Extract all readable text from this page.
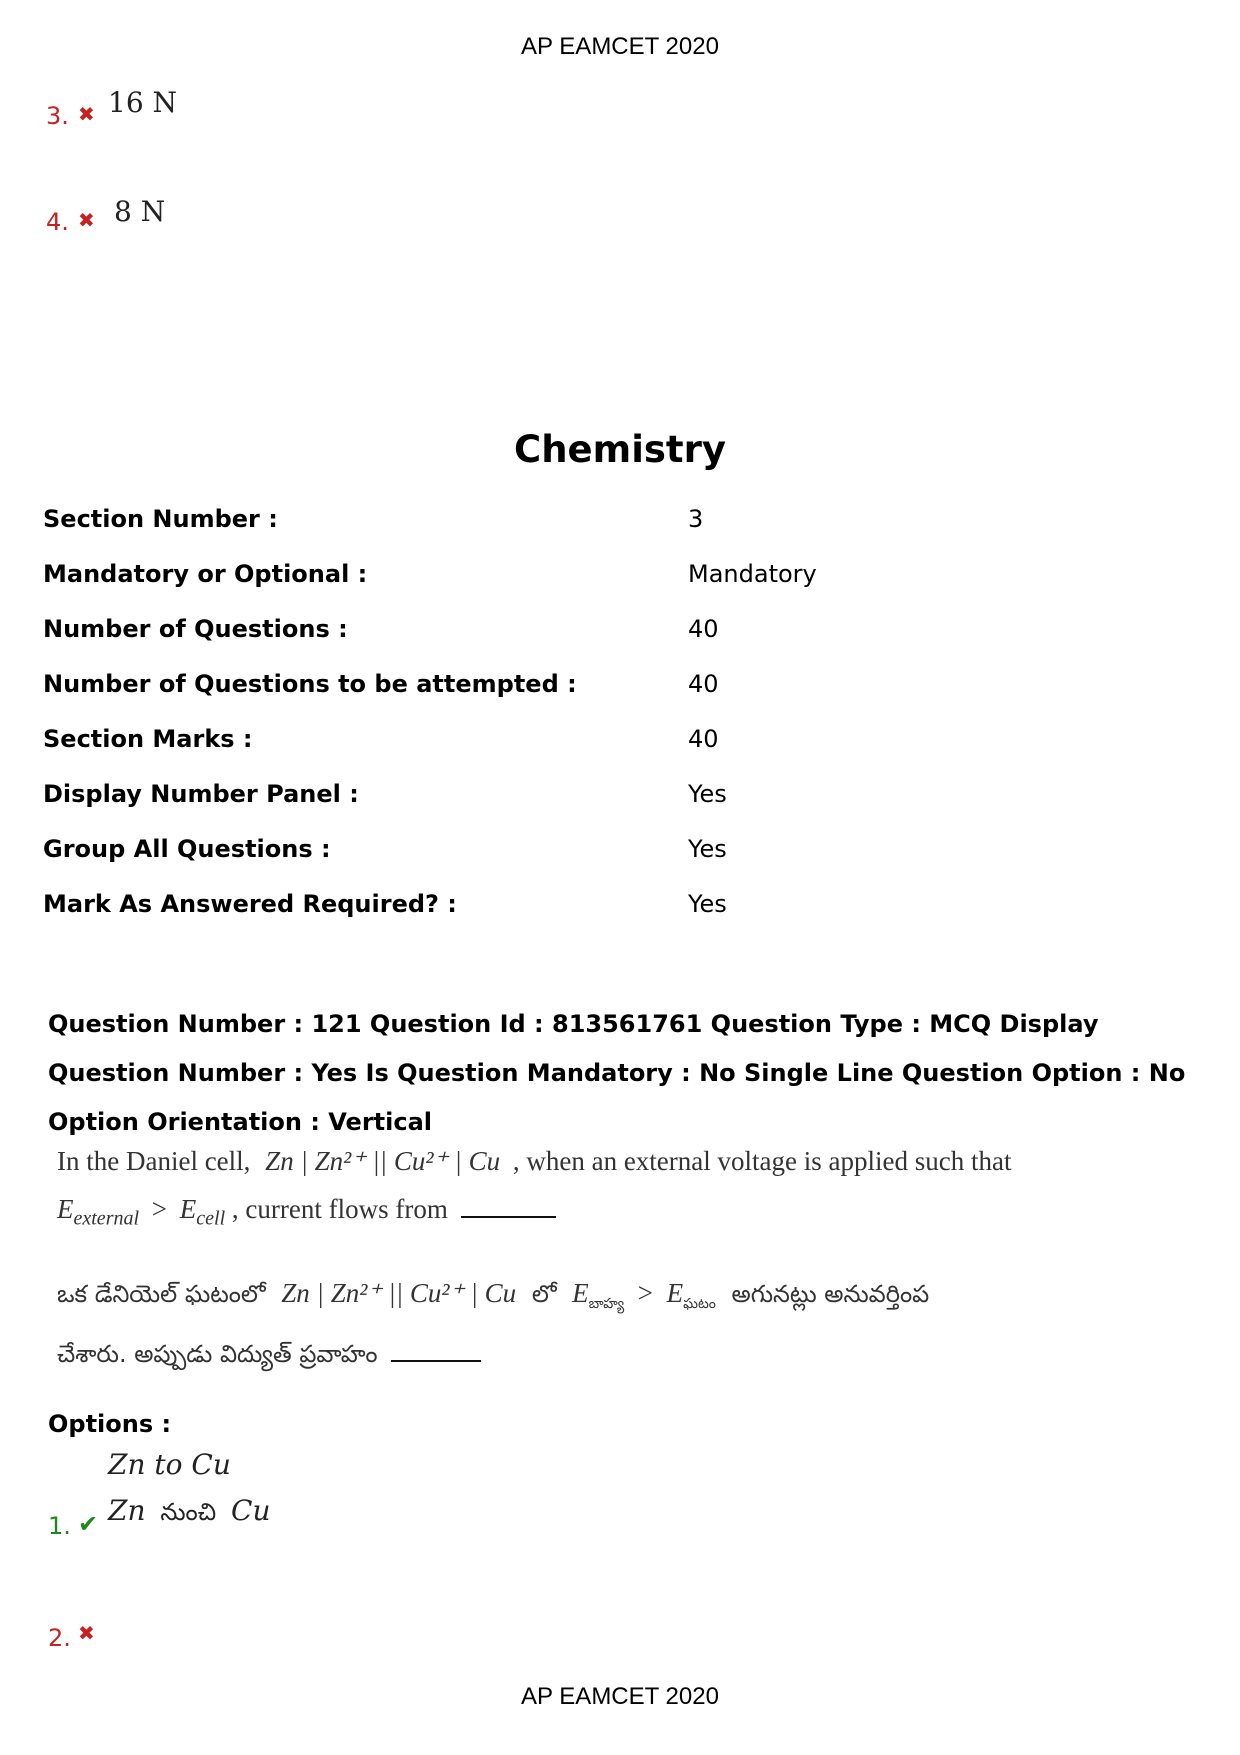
AP EAMCET 2020
3. ✖ 16 N
4. ✖ 8 N
Chemistry
Section Number :	3
Mandatory or Optional :	Mandatory
Number of Questions :	40
Number of Questions to be attempted :	40
Section Marks :	40
Display Number Panel :	Yes
Group All Questions :	Yes
Mark As Answered Required? :	Yes
Question Number : 121 Question Id : 813561761 Question Type : MCQ Display Question Number : Yes Is Question Mandatory : No Single Line Question Option : No Option Orientation : Vertical
In the Daniel cell, Zn | Zn²⁺ || Cu²⁺ | Cu , when an external voltage is applied such that
$E_{external} > E_{cell}$ , current flows from
ఒక డేనియెల్ ఘటంలో Zn | Zn²⁺ || Cu²⁺ | Cu లో $E_{బాహ్య} > E_{ఘటం}$ అగునట్లు అనువర్తింప
చేశారు. అప్పుడు విద్యుత్ ప్రవాహం
Options :
Zn to Cu
Zn నుంచి Cu
1. ✔
2. ✖
AP EAMCET 2020
